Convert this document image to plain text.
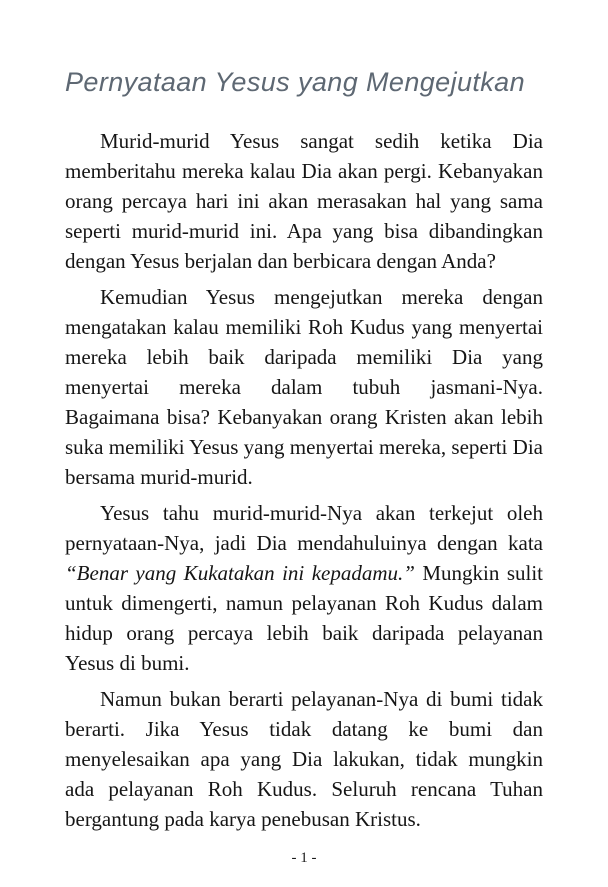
Pernyataan Yesus yang Mengejutkan

Murid-murid Yesus sangat sedih ketika Dia memberitahu mereka kalau Dia akan pergi. Kebanyakan orang percaya hari ini akan merasakan hal yang sama seperti murid-murid ini. Apa yang bisa dibandingkan dengan Yesus berjalan dan berbicara dengan Anda?

Kemudian Yesus mengejutkan mereka dengan mengatakan kalau memiliki Roh Kudus yang menyertai mereka lebih baik daripada memiliki Dia yang menyertai mereka dalam tubuh jasmani-Nya. Bagaimana bisa? Kebanyakan orang Kristen akan lebih suka memiliki Yesus yang menyertai mereka, seperti Dia bersama murid-murid.

Yesus tahu murid-murid-Nya akan terkejut oleh pernyataan-Nya, jadi Dia mendahuluinya dengan kata “Benar yang Kukatakan ini kepadamu.” Mungkin sulit untuk dimengerti, namun pelayanan Roh Kudus dalam hidup orang percaya lebih baik daripada pelayanan Yesus di bumi.

Namun bukan berarti pelayanan-Nya di bumi tidak berarti. Jika Yesus tidak datang ke bumi dan menyelesaikan apa yang Dia lakukan, tidak mungkin ada pelayanan Roh Kudus. Seluruh rencana Tuhan bergantung pada karya penebusan Kristus.

- 1 -
